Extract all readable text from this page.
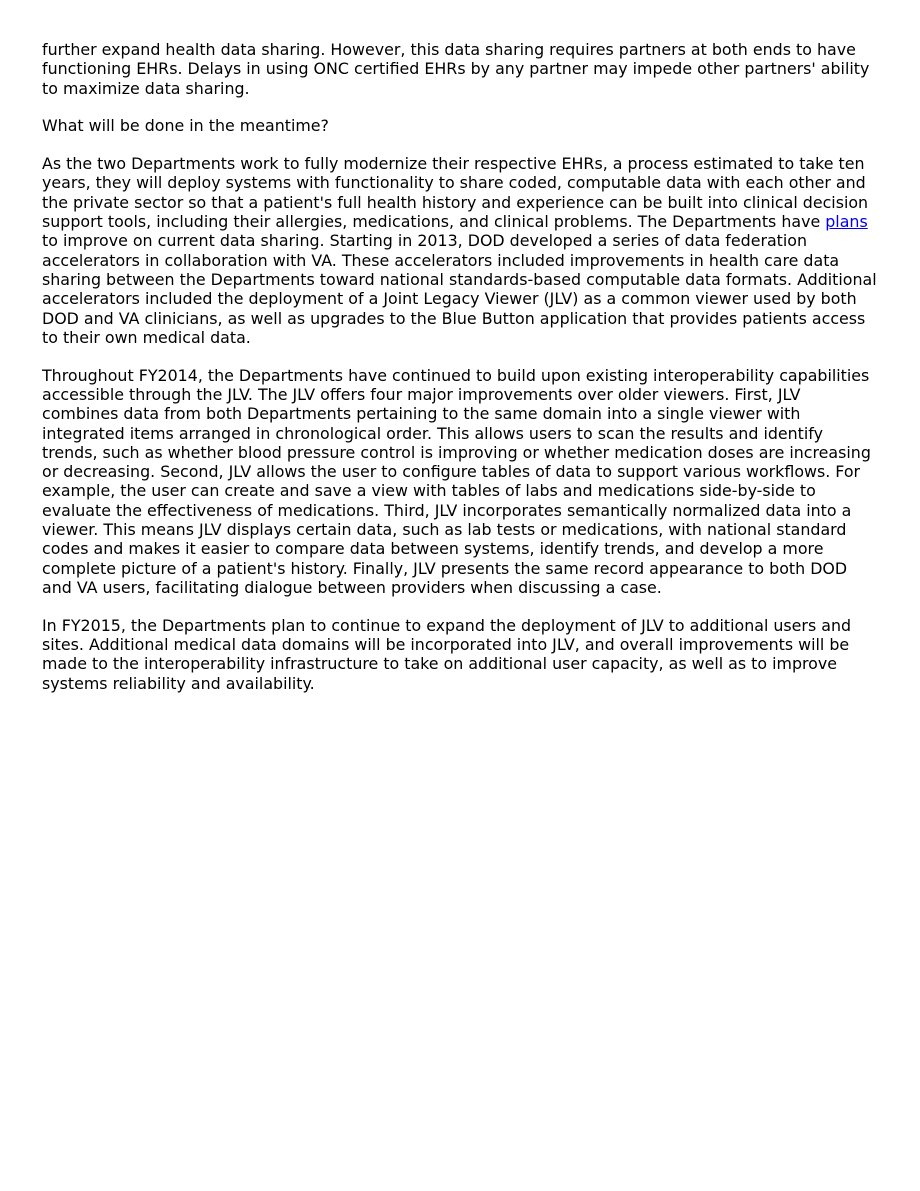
further expand health data sharing. However, this data sharing requires partners at both ends to have functioning EHRs. Delays in using ONC certified EHRs by any partner may impede other partners' ability to maximize data sharing.

What will be done in the meantime?

As the two Departments work to fully modernize their respective EHRs, a process estimated to take ten years, they will deploy systems with functionality to share coded, computable data with each other and the private sector so that a patient's full health history and experience can be built into clinical decision support tools, including their allergies, medications, and clinical problems. The Departments have plans to improve on current data sharing. Starting in 2013, DOD developed a series of data federation accelerators in collaboration with VA. These accelerators included improvements in health care data sharing between the Departments toward national standards-based computable data formats. Additional accelerators included the deployment of a Joint Legacy Viewer (JLV) as a common viewer used by both DOD and VA clinicians, as well as upgrades to the Blue Button application that provides patients access to their own medical data.

Throughout FY2014, the Departments have continued to build upon existing interoperability capabilities accessible through the JLV. The JLV offers four major improvements over older viewers. First, JLV combines data from both Departments pertaining to the same domain into a single viewer with integrated items arranged in chronological order. This allows users to scan the results and identify trends, such as whether blood pressure control is improving or whether medication doses are increasing or decreasing. Second, JLV allows the user to configure tables of data to support various workflows. For example, the user can create and save a view with tables of labs and medications side-by-side to evaluate the effectiveness of medications. Third, JLV incorporates semantically normalized data into a viewer. This means JLV displays certain data, such as lab tests or medications, with national standard codes and makes it easier to compare data between systems, identify trends, and develop a more complete picture of a patient's history. Finally, JLV presents the same record appearance to both DOD and VA users, facilitating dialogue between providers when discussing a case.

In FY2015, the Departments plan to continue to expand the deployment of JLV to additional users and sites. Additional medical data domains will be incorporated into JLV, and overall improvements will be made to the interoperability infrastructure to take on additional user capacity, as well as to improve systems reliability and availability.
